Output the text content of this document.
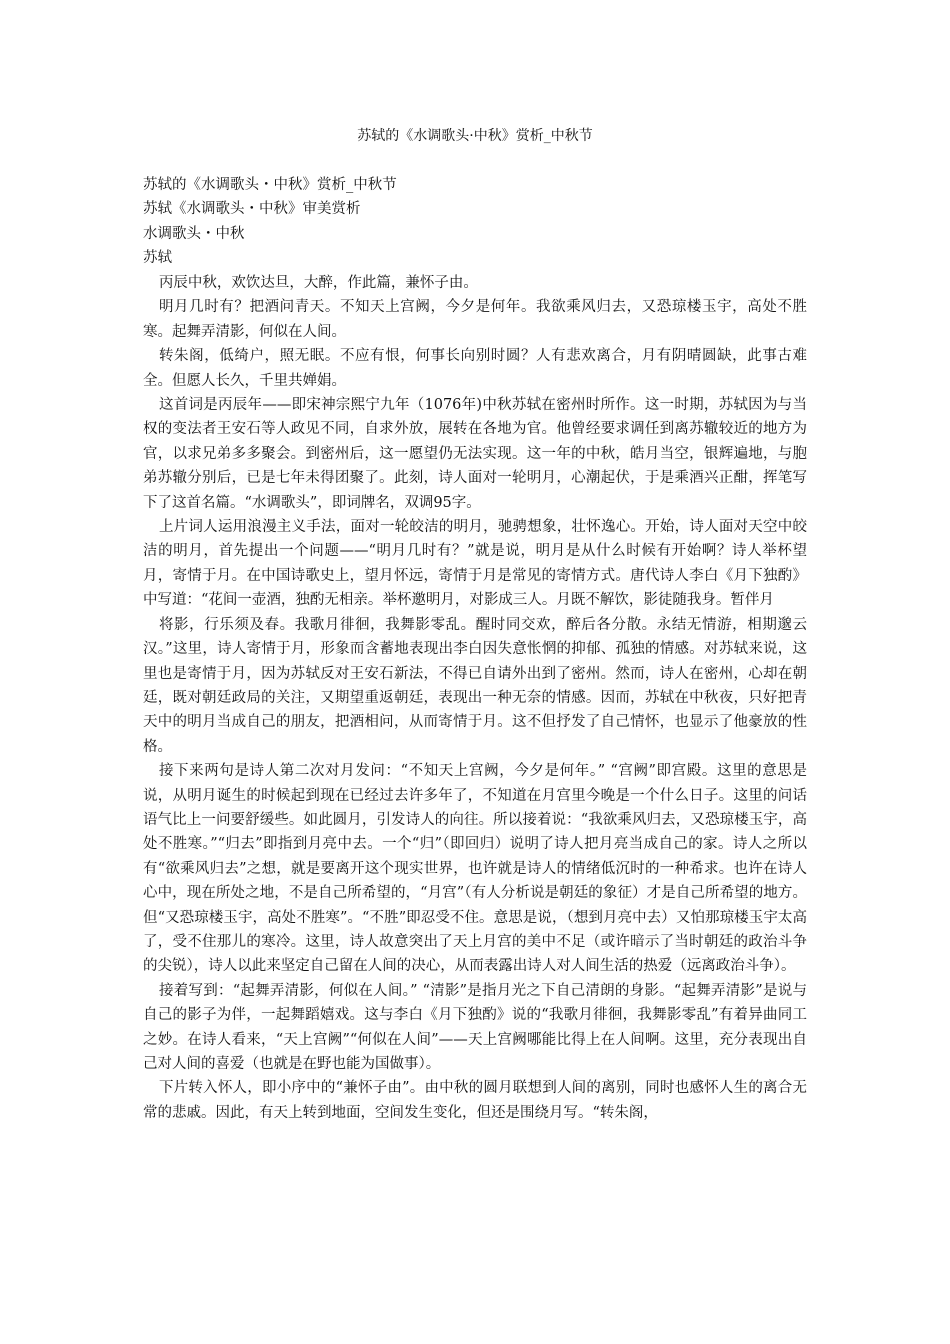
苏轼的《水调歌头·中秋》赏析_中秋节
苏轼的《水调歌头・中秋》赏析_中秋节
苏轼《水调歌头・中秋》审美赏析
水调歌头・中秋
苏轼

丙辰中秋，欢饮达旦，大醉，作此篇，兼怀子由。

明月几时有？把酒问青天。不知天上宫阙，今夕是何年。我欲乘风归去，又恐琼楼玉宇，高处不胜寒。起舞弄清影，何似在人间。

转朱阁，低绮户，照无眠。不应有恨，何事长向别时圆？人有悲欢离合，月有阴晴圆缺，此事古难全。但愿人长久，千里共婵娟。

这首词是丙辰年——即宋神宗熙宁九年（1076年)中秋苏轼在密州时所作。这一时期，苏轼因为与当权的变法者王安石等人政见不同，自求外放，展转在各地为官。他曾经要求调任到离苏辙较近的地方为官，以求兄弟多多聚会。到密州后，这一愿望仍无法实现。这一年的中秋，皓月当空，银辉遍地，与胞弟苏辙分别后，已是七年未得团聚了。此刻，诗人面对一轮明月，心潮起伏，于是乘酒兴正酣，挥笔写下了这首名篇。“水调歌头”，即词牌名，双调95字。

上片词人运用浪漫主义手法，面对一轮皎洁的明月，驰骋想象，壮怀逸心。开始，诗人面对天空中皎洁的明月，首先提出一个问题——“明月几时有？”就是说，明月是从什么时候有开始啊？诗人举杯望月，寄情于月。在中国诗歌史上，望月怀远，寄情于月是常见的寄情方式。唐代诗人李白《月下独酌》中写道：“花间一壶酒，独酌无相亲。举杯邀明月，对影成三人。月既不解饮，影徒随我身。暂伴月

将影，行乐须及春。我歌月徘徊，我舞影零乱。醒时同交欢，醉后各分散。永结无情游，相期邈云汉。”这里，诗人寄情于月，形象而含蓄地表现出李白因失意怅惘的抑郁、孤独的情感。对苏轼来说，这里也是寄情于月，因为苏轼反对王安石新法，不得已自请外出到了密州。然而，诗人在密州，心却在朝廷，既对朝廷政局的关注，又期望重返朝廷，表现出一种无奈的情感。因而，苏轼在中秋夜，只好把青天中的明月当成自己的朋友，把酒相问，从而寄情于月。这不但抒发了自己情怀，也显示了他豪放的性格。

接下来两句是诗人第二次对月发问：“不知天上宫阙，今夕是何年。” “宫阙”即宫殿。这里的意思是说，从明月诞生的时候起到现在已经过去许多年了，不知道在月宫里今晚是一个什么日子。这里的问话语气比上一问要舒缓些。如此圆月，引发诗人的向往。所以接着说：“我欲乘风归去，又恐琼楼玉宇，高处不胜寒。”“归去”即指到月亮中去。一个“归”（即回归）说明了诗人把月亮当成自己的家。诗人之所以有“欲乘风归去”之想，就是要离开这个现实世界，也许就是诗人的情绪低沉时的一种希求。也许在诗人心中，现在所处之地，不是自己所希望的，“月宫”（有人分析说是朝廷的象征）才是自己所希望的地方。但“又恐琼楼玉宇，高处不胜寒”。“不胜”即忍受不住。意思是说，（想到月亮中去）又怕那琼楼玉宇太高了，受不住那儿的寒冷。这里，诗人故意突出了天上月宫的美中不足（或许暗示了当时朝廷的政治斗争的尖锐），诗人以此来坚定自己留在人间的决心，从而表露出诗人对人间生活的热爱（远离政治斗争）。

接着写到：“起舞弄清影，何似在人间。” “清影”是指月光之下自己清朗的身影。“起舞弄清影”是说与自己的影子为伴，一起舞蹈嬉戏。这与李白《月下独酌》说的“我歌月徘徊，我舞影零乱”有着异曲同工之妙。在诗人看来，“天上宫阙”“何似在人间”——天上宫阙哪能比得上在人间啊。这里，充分表现出自己对人间的喜爱（也就是在野也能为国做事）。

下片转入怀人，即小序中的“兼怀子由”。由中秋的圆月联想到人间的离别，同时也感怀人生的离合无常的悲戚。因此，有天上转到地面，空间发生变化，但还是围绕月写。“转朱阁，
